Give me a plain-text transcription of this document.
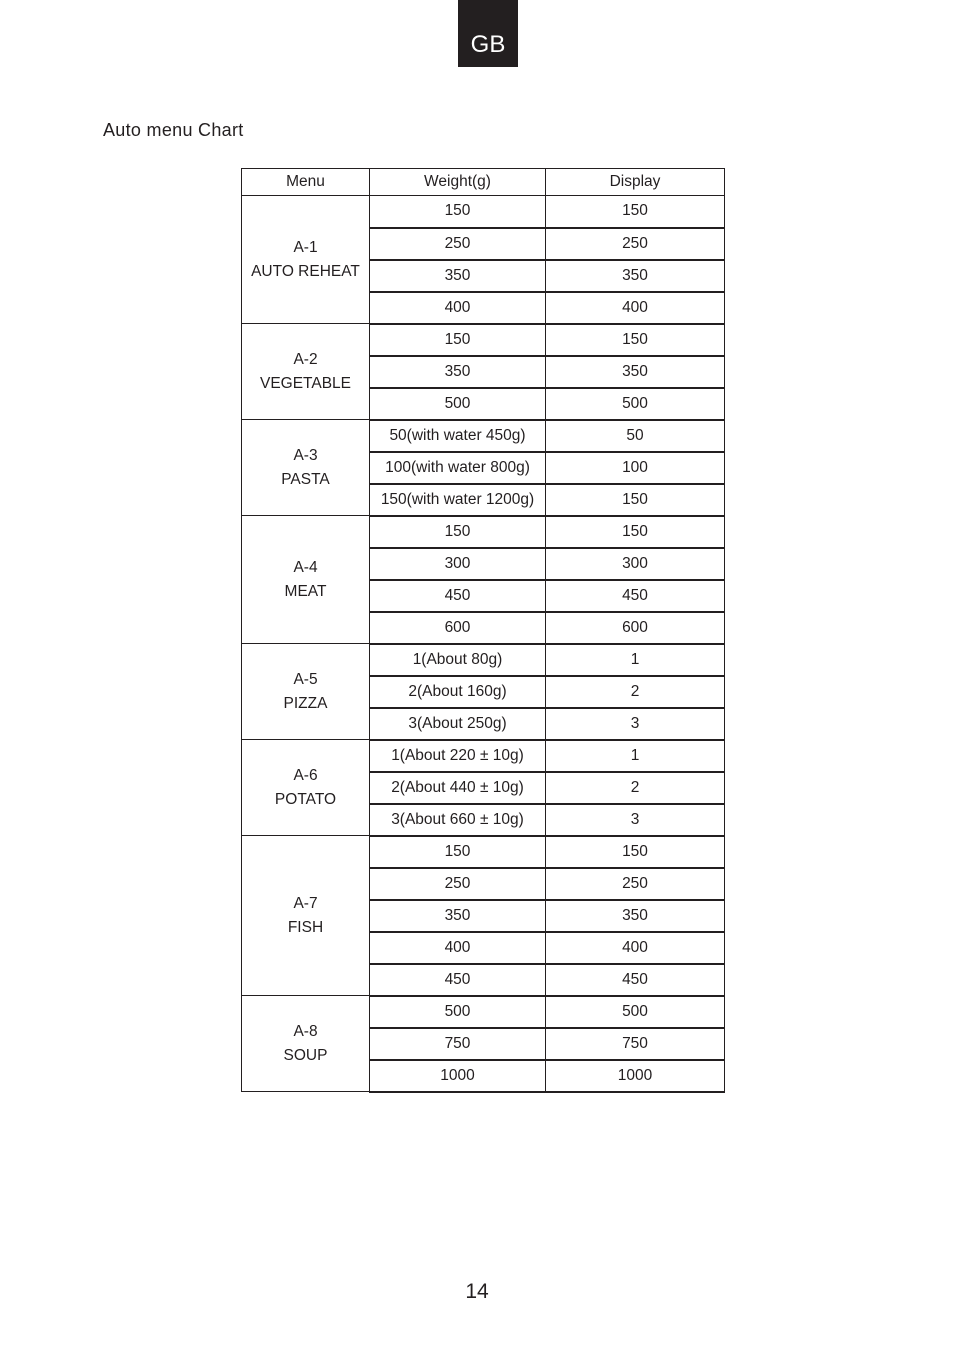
GB
Auto menu Chart
Menu	Weight(g)	Display

A-1
AUTO REHEAT	150	150
	250	250
	350	350
	400	400

A-2
VEGETABLE	150	150
	350	350
	500	500

A-3
PASTA	50(with water 450g)	50
	100(with water 800g)	100
	150(with water 1200g)	150

A-4
MEAT	150	150
	300	300
	450	450
	600	600

A-5
PIZZA	1(About 80g)	1
	2(About 160g)	2
	3(About 250g)	3

A-6
POTATO	1(About 220 ± 10g)	1
	2(About 440 ± 10g)	2
	3(About 660 ± 10g)	3

A-7
FISH	150	150
	250	250
	350	350
	400	400
	450	450

A-8
SOUP	500	500
	750	750
	1000	1000
14
